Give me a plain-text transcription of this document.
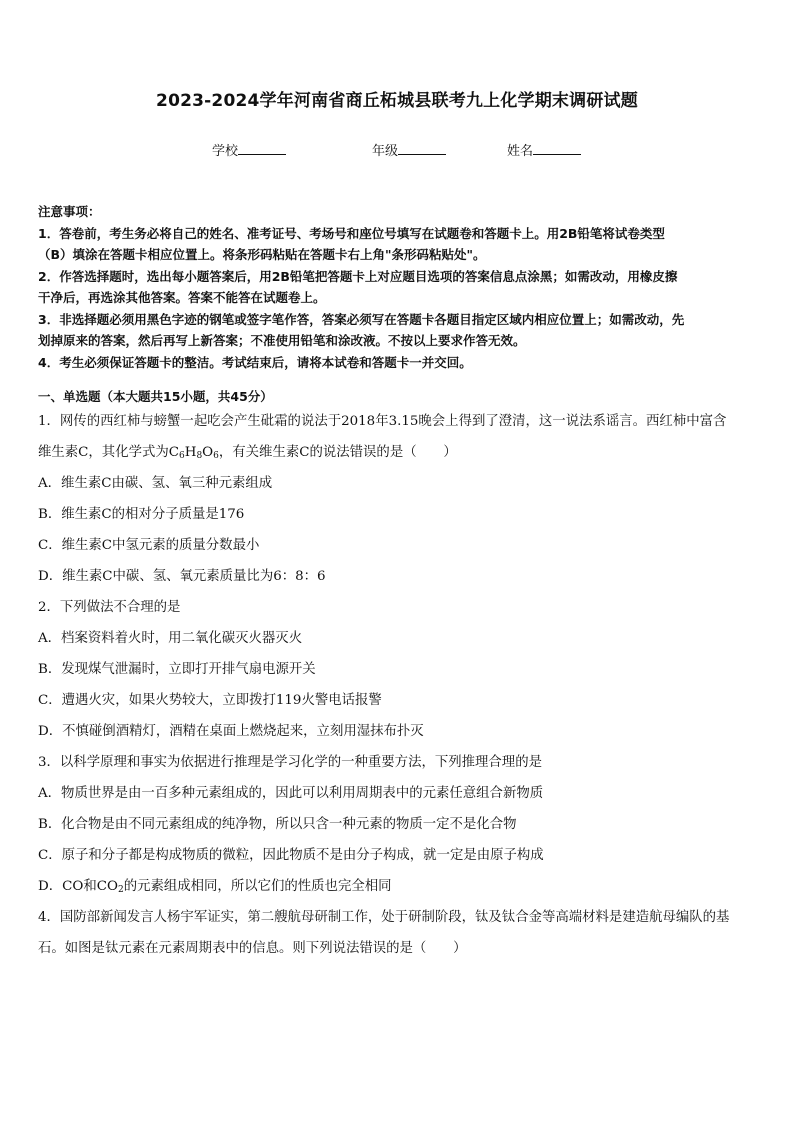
2023-2024学年河南省商丘柘城县联考九上化学期末调研试题
学校	年级	姓名

注意事项：

1．答卷前，考生务必将自己的姓名、准考证号、考场号和座位号填写在试题卷和答题卡上。用2B铅笔将试卷类型

（B）填涂在答题卡相应位置上。将条形码粘贴在答题卡右上角"条形码粘贴处"。

2．作答选择题时，选出每小题答案后，用2B铅笔把答题卡上对应题目选项的答案信息点涂黑；如需改动，用橡皮擦

干净后，再选涂其他答案。答案不能答在试题卷上。

3．非选择题必须用黑色字迹的钢笔或签字笔作答，答案必须写在答题卡各题目指定区域内相应位置上；如需改动，先

划掉原来的答案，然后再写上新答案；不准使用铅笔和涂改液。不按以上要求作答无效。

4．考生必须保证答题卡的整洁。考试结束后，请将本试卷和答题卡一并交回。

一、单选题（本大题共15小题，共45分）

1．网传的西红柿与螃蟹一起吃会产生砒霜的说法于2018年3.15晚会上得到了澄清，这一说法系谣言。西红柿中富含

维生素C，其化学式为$C_6H_8O_6$，有关维生素C的说法错误的是（　　）

A．维生素C由碳、氢、氧三种元素组成

B．维生素C的相对分子质量是176

C．维生素C中氢元素的质量分数最小

D．维生素C中碳、氢、氧元素质量比为6：8：6

2．下列做法不合理的是

A．档案资料着火时，用二氧化碳灭火器灭火

B．发现煤气泄漏时，立即打开排气扇电源开关

C．遭遇火灾，如果火势较大，立即拨打119火警电话报警

D．不慎碰倒酒精灯，酒精在桌面上燃烧起来，立刻用湿抹布扑灭

3．以科学原理和事实为依据进行推理是学习化学的一种重要方法，下列推理合理的是

A．物质世界是由一百多种元素组成的，因此可以利用周期表中的元素任意组合新物质

B．化合物是由不同元素组成的纯净物，所以只含一种元素的物质一定不是化合物

C．原子和分子都是构成物质的微粒，因此物质不是由分子构成，就一定是由原子构成

D．CO和$CO_2$的元素组成相同，所以它们的性质也完全相同

4．国防部新闻发言人杨宇军证实，第二艘航母研制工作，处于研制阶段，钛及钛合金等高端材料是建造航母编队的基

石。如图是钛元素在元素周期表中的信息。则下列说法错误的是（　　）
